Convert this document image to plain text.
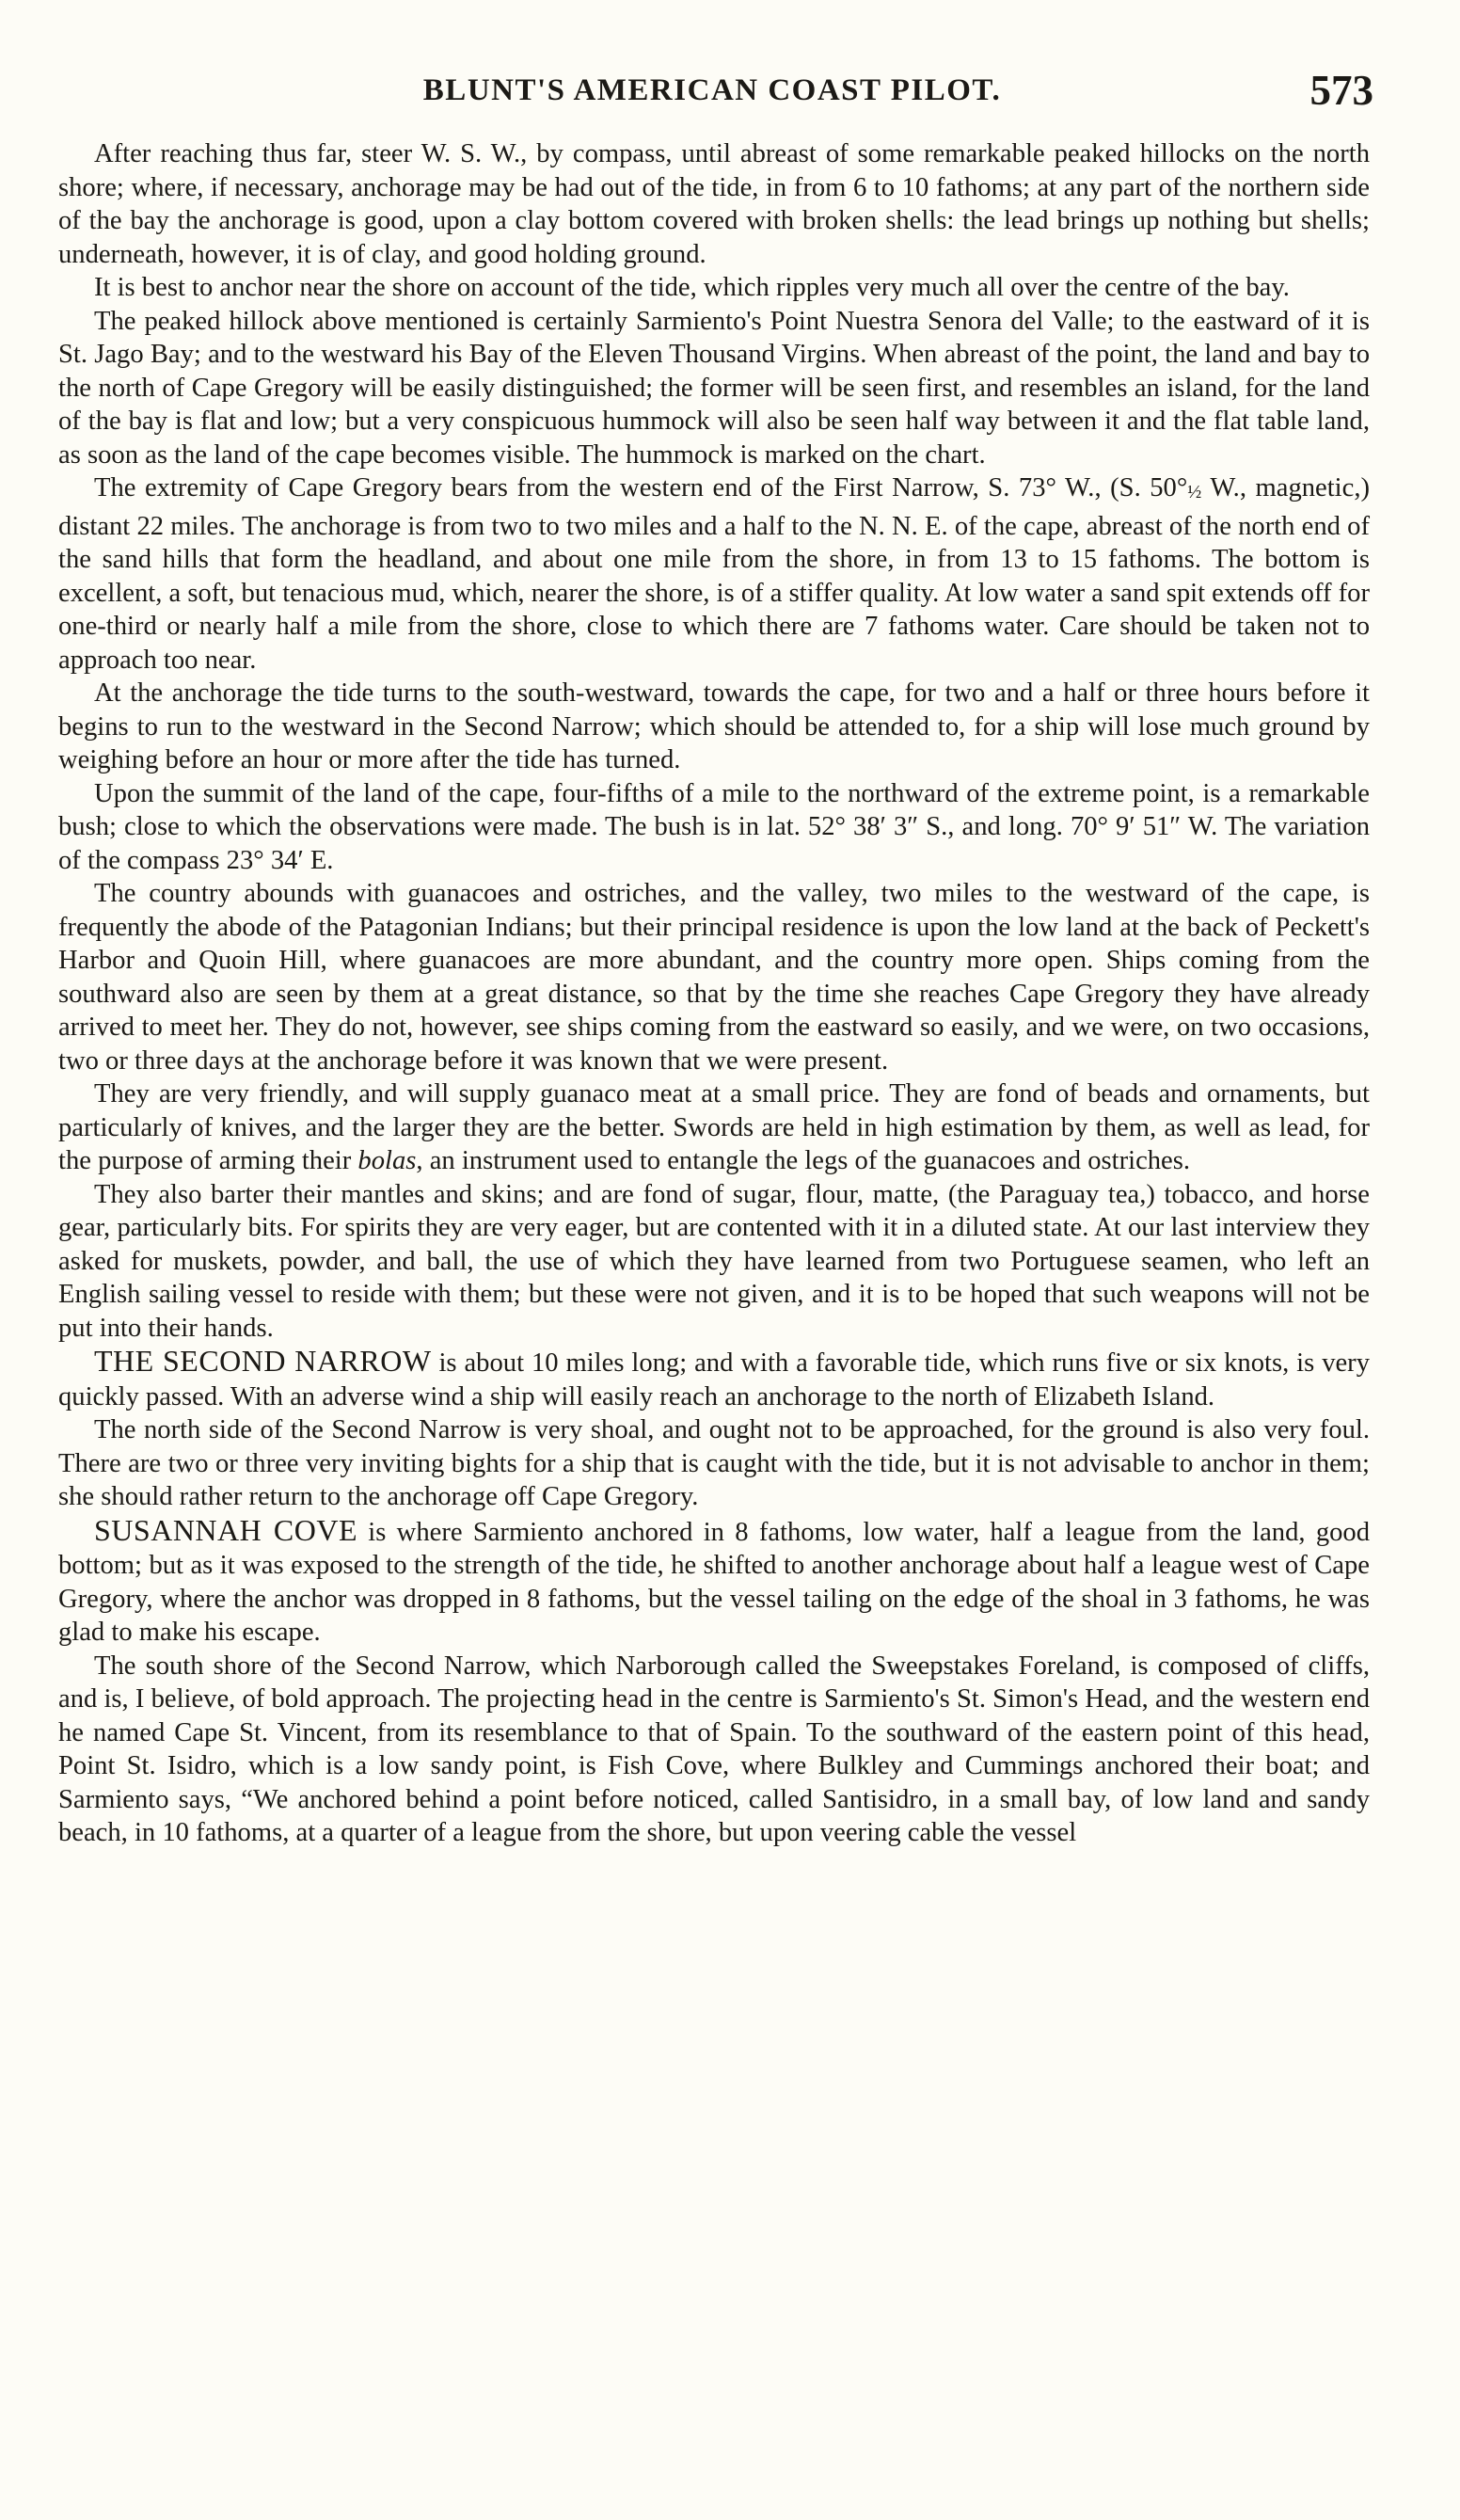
BLUNT'S AMERICAN COAST PILOT.	573

After reaching thus far, steer W. S. W., by compass, until abreast of some remarkable peaked hillocks on the north shore; where, if necessary, anchorage may be had out of the tide, in from 6 to 10 fathoms; at any part of the northern side of the bay the anchorage is good, upon a clay bottom covered with broken shells: the lead brings up nothing but shells; underneath, however, it is of clay, and good holding ground.

It is best to anchor near the shore on account of the tide, which ripples very much all over the centre of the bay.

The peaked hillock above mentioned is certainly Sarmiento's Point Nuestra Senora del Valle; to the eastward of it is St. Jago Bay; and to the westward his Bay of the Eleven Thousand Virgins. When abreast of the point, the land and bay to the north of Cape Gregory will be easily distinguished; the former will be seen first, and resembles an island, for the land of the bay is flat and low; but a very conspicuous hummock will also be seen half way between it and the flat table land, as soon as the land of the cape becomes visible. The hummock is marked on the chart.

The extremity of Cape Gregory bears from the western end of the First Narrow, S. 73° W., (S. 50°½ W., magnetic,) distant 22 miles. The anchorage is from two to two miles and a half to the N. N. E. of the cape, abreast of the north end of the sand hills that form the headland, and about one mile from the shore, in from 13 to 15 fathoms. The bottom is excellent, a soft, but tenacious mud, which, nearer the shore, is of a stiffer quality. At low water a sand spit extends off for one-third or nearly half a mile from the shore, close to which there are 7 fathoms water. Care should be taken not to approach too near.

At the anchorage the tide turns to the south-westward, towards the cape, for two and a half or three hours before it begins to run to the westward in the Second Narrow; which should be attended to, for a ship will lose much ground by weighing before an hour or more after the tide has turned.

Upon the summit of the land of the cape, four-fifths of a mile to the northward of the extreme point, is a remarkable bush; close to which the observations were made. The bush is in lat. 52° 38′ 3″ S., and long. 70° 9′ 51″ W. The variation of the compass 23° 34′ E.

The country abounds with guanacoes and ostriches, and the valley, two miles to the westward of the cape, is frequently the abode of the Patagonian Indians; but their principal residence is upon the low land at the back of Peckett's Harbor and Quoin Hill, where guanacoes are more abundant, and the country more open. Ships coming from the southward also are seen by them at a great distance, so that by the time she reaches Cape Gregory they have already arrived to meet her. They do not, however, see ships coming from the eastward so easily, and we were, on two occasions, two or three days at the anchorage before it was known that we were present.

They are very friendly, and will supply guanaco meat at a small price. They are fond of beads and ornaments, but particularly of knives, and the larger they are the better. Swords are held in high estimation by them, as well as lead, for the purpose of arming their bolas, an instrument used to entangle the legs of the guanacoes and ostriches.

They also barter their mantles and skins; and are fond of sugar, flour, matte, (the Paraguay tea,) tobacco, and horse gear, particularly bits. For spirits they are very eager, but are contented with it in a diluted state. At our last interview they asked for muskets, powder, and ball, the use of which they have learned from two Portuguese seamen, who left an English sailing vessel to reside with them; but these were not given, and it is to be hoped that such weapons will not be put into their hands.

THE SECOND NARROW is about 10 miles long; and with a favorable tide, which runs five or six knots, is very quickly passed. With an adverse wind a ship will easily reach an anchorage to the north of Elizabeth Island.

The north side of the Second Narrow is very shoal, and ought not to be approached, for the ground is also very foul. There are two or three very inviting bights for a ship that is caught with the tide, but it is not advisable to anchor in them; she should rather return to the anchorage off Cape Gregory.

SUSANNAH COVE is where Sarmiento anchored in 8 fathoms, low water, half a league from the land, good bottom; but as it was exposed to the strength of the tide, he shifted to another anchorage about half a league west of Cape Gregory, where the anchor was dropped in 8 fathoms, but the vessel tailing on the edge of the shoal in 3 fathoms, he was glad to make his escape.

The south shore of the Second Narrow, which Narborough called the Sweepstakes Foreland, is composed of cliffs, and is, I believe, of bold approach. The projecting head in the centre is Sarmiento's St. Simon's Head, and the western end he named Cape St. Vincent, from its resemblance to that of Spain. To the southward of the eastern point of this head, Point St. Isidro, which is a low sandy point, is Fish Cove, where Bulkley and Cummings anchored their boat; and Sarmiento says, “We anchored behind a point before noticed, called Santisidro, in a small bay, of low land and sandy beach, in 10 fathoms, at a quarter of a league from the shore, but upon veering cable the vessel
